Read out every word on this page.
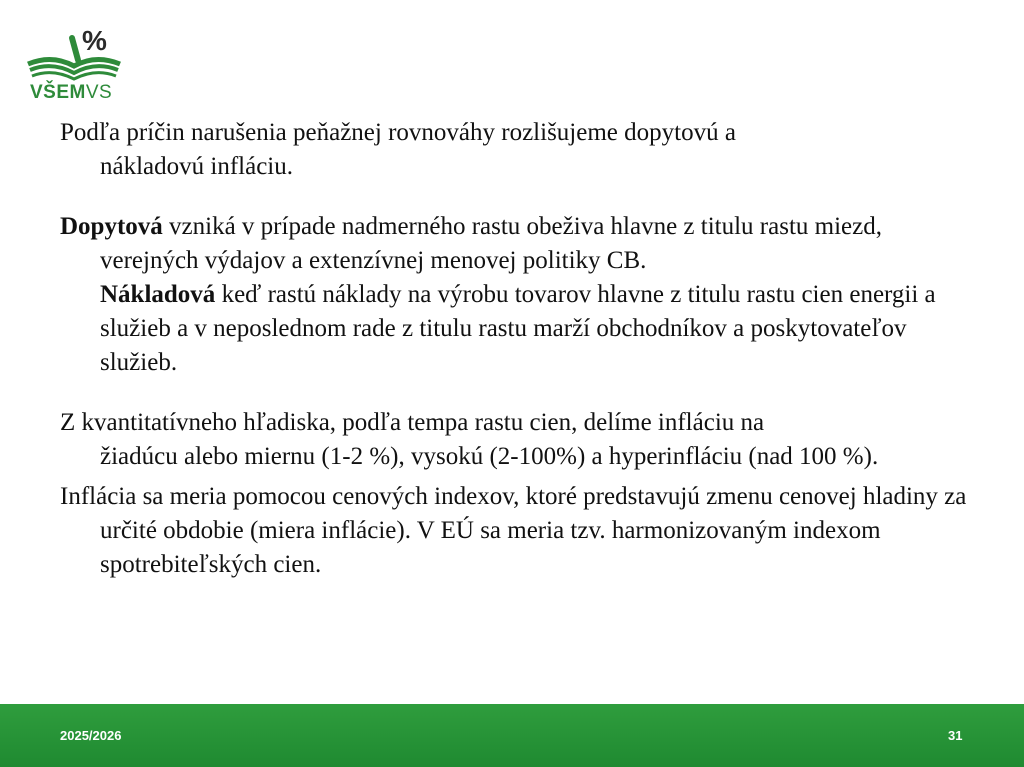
%
VŠEMVS

Podľa príčin narušenia peňažnej rovnováhy rozlišujeme dopytovú a
nákladovú infláciu.

Dopytová vzniká v prípade nadmerného rastu obeživa hlavne z titulu rastu miezd, verejných výdajov a extenzívnej menovej politiky CB.
Nákladová keď rastú náklady na výrobu tovarov hlavne z titulu rastu cien energii a služieb a v neposlednom rade z titulu rastu marží obchodníkov a poskytovateľov služieb.

Z kvantitatívneho hľadiska, podľa tempa rastu cien, delíme infláciu na
žiadúcu alebo miernu (1-2 %), vysokú (2-100%) a hyperinfláciu (nad 100 %).

Inflácia sa meria pomocou cenových indexov, ktoré predstavujú zmenu cenovej hladiny za určité obdobie (miera inflácie). V EÚ sa meria tzv. harmonizovaným indexom spotrebiteľských cien.

2025/2026	31
